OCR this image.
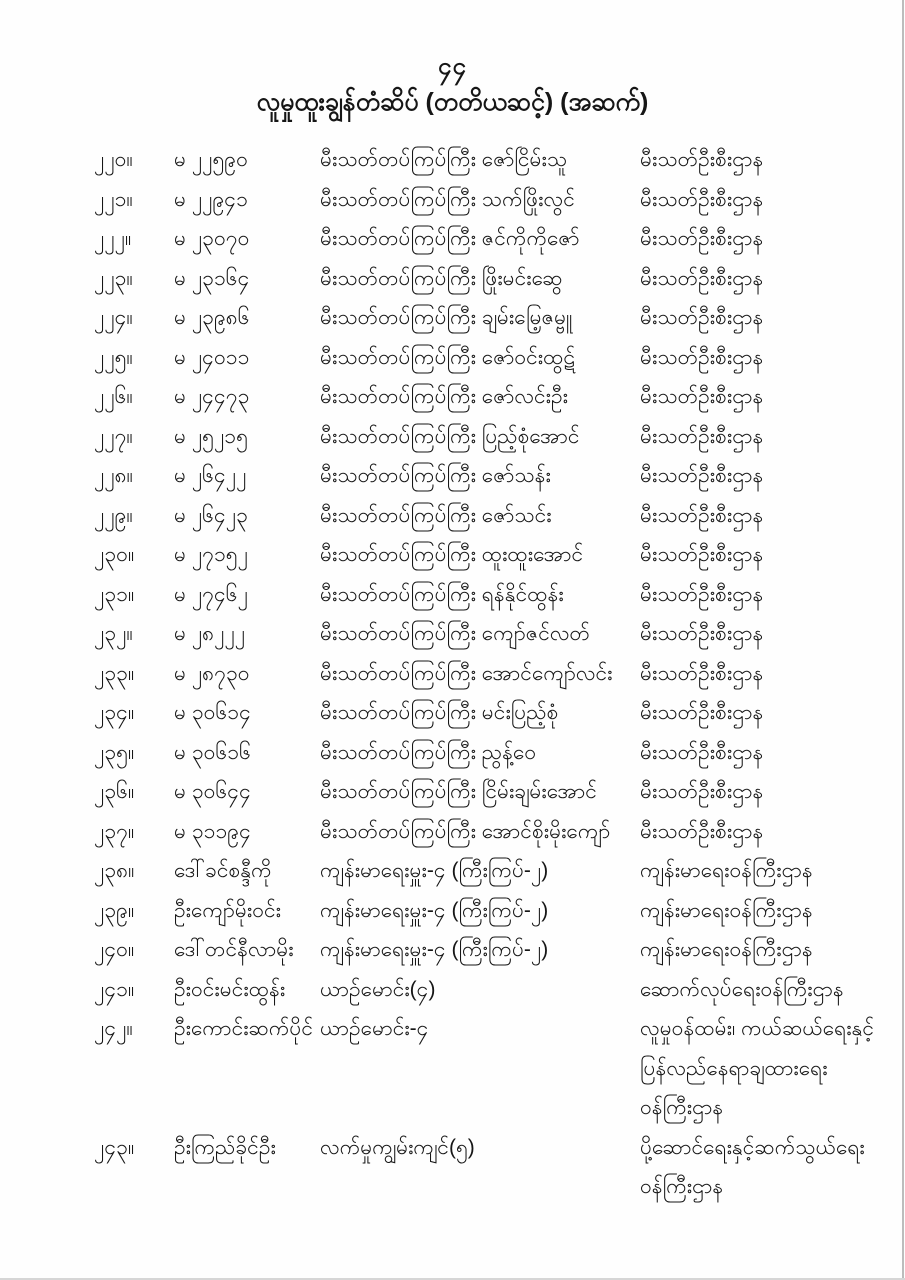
၄၄
လူမှုထူးချွန်တံဆိပ် (တတိယဆင့်) (အဆက်)
၂၂၀။	မ ၂၂၅၉၀	မီးသတ်တပ်ကြပ်ကြီး ဇော်ငြိမ်းသူ	မီးသတ်ဦးစီးဌာန
၂၂၁။	မ ၂၂၉၄၁	မီးသတ်တပ်ကြပ်ကြီး သက်ဖြိုးလွင်	မီးသတ်ဦးစီးဌာန
၂၂၂။	မ ၂၃၀၇၀	မီးသတ်တပ်ကြပ်ကြီး ဇင်ကိုကိုဇော်	မီးသတ်ဦးစီးဌာန
၂၂၃။	မ ၂၃၁၆၄	မီးသတ်တပ်ကြပ်ကြီး ဖြိုးမင်းဆွေ	မီးသတ်ဦးစီးဌာန
၂၂၄။	မ ၂၃၉၈၆	မီးသတ်တပ်ကြပ်ကြီး ချမ်းမြေ့ဇမ္ဗူ	မီးသတ်ဦးစီးဌာန
၂၂၅။	မ ၂၄၀၁၁	မီးသတ်တပ်ကြပ်ကြီး ဇော်ဝင်းထွဋ်	မီးသတ်ဦးစီးဌာန
၂၂၆။	မ ၂၄၄၇၃	မီးသတ်တပ်ကြပ်ကြီး ဇော်လင်းဦး	မီးသတ်ဦးစီးဌာန
၂၂၇။	မ ၂၅၂၁၅	မီးသတ်တပ်ကြပ်ကြီး ပြည့်စုံအောင်	မီးသတ်ဦးစီးဌာန
၂၂၈။	မ ၂၆၄၂၂	မီးသတ်တပ်ကြပ်ကြီး ဇော်သန်း	မီးသတ်ဦးစီးဌာန
၂၂၉။	မ ၂၆၄၂၃	မီးသတ်တပ်ကြပ်ကြီး ဇော်သင်း	မီးသတ်ဦးစီးဌာန
၂၃၀။	မ ၂၇၁၅၂	မီးသတ်တပ်ကြပ်ကြီး ထူးထူးအောင်	မီးသတ်ဦးစီးဌာန
၂၃၁။	မ ၂၇၄၆၂	မီးသတ်တပ်ကြပ်ကြီး ရန်နိုင်ထွန်း	မီးသတ်ဦးစီးဌာန
၂၃၂။	မ ၂၈၂၂၂	မီးသတ်တပ်ကြပ်ကြီး ကျော်ဇင်လတ်	မီးသတ်ဦးစီးဌာန
၂၃၃။	မ ၂၈၇၃၀	မီးသတ်တပ်ကြပ်ကြီး အောင်ကျော်လင်း	မီးသတ်ဦးစီးဌာန
၂၃၄။	မ ၃၀၆၁၄	မီးသတ်တပ်ကြပ်ကြီး မင်းပြည့်စုံ	မီးသတ်ဦးစီးဌာန
၂၃၅။	မ ၃၀၆၁၆	မီးသတ်တပ်ကြပ်ကြီး ညွန့်ဝေ	မီးသတ်ဦးစီးဌာန
၂၃၆။	မ ၃၀၆၄၄	မီးသတ်တပ်ကြပ်ကြီး ငြိမ်းချမ်းအောင်	မီးသတ်ဦးစီးဌာန
၂၃၇။	မ ၃၁၁၉၄	မီးသတ်တပ်ကြပ်ကြီး အောင်စိုးမိုးကျော်	မီးသတ်ဦးစီးဌာန
၂၃၈။	ဒေါ်ခင်စန္ဒီကို	ကျန်းမာရေးမှူး-၄ (ကြီးကြပ်-၂)	ကျန်းမာရေးဝန်ကြီးဌာန
၂၃၉။	ဦးကျော်မိုးဝင်း	ကျန်းမာရေးမှူး-၄ (ကြီးကြပ်-၂)	ကျန်းမာရေးဝန်ကြီးဌာန
၂၄၀။	ဒေါ်တင်နီလာမိုး	ကျန်းမာရေးမှူး-၄ (ကြီးကြပ်-၂)	ကျန်းမာရေးဝန်ကြီးဌာန
၂၄၁။	ဦးဝင်းမင်းထွန်း	ယာဉ်မောင်း(၄)	ဆောက်လုပ်ရေးဝန်ကြီးဌာန
၂၄၂။	ဦးကောင်းဆက်ပိုင် ယာဉ်မောင်း-၄	လူမှုဝန်ထမ်း၊ ကယ်ဆယ်ရေးနှင့်
ပြန်လည်နေရာချထားရေး
ဝန်ကြီးဌာန
၂၄၃။	ဦးကြည်ခိုင်ဦး	လက်မှုကျွမ်းကျင်(၅)	ပို့ဆောင်ရေးနှင့်ဆက်သွယ်ရေး
ဝန်ကြီးဌာန
